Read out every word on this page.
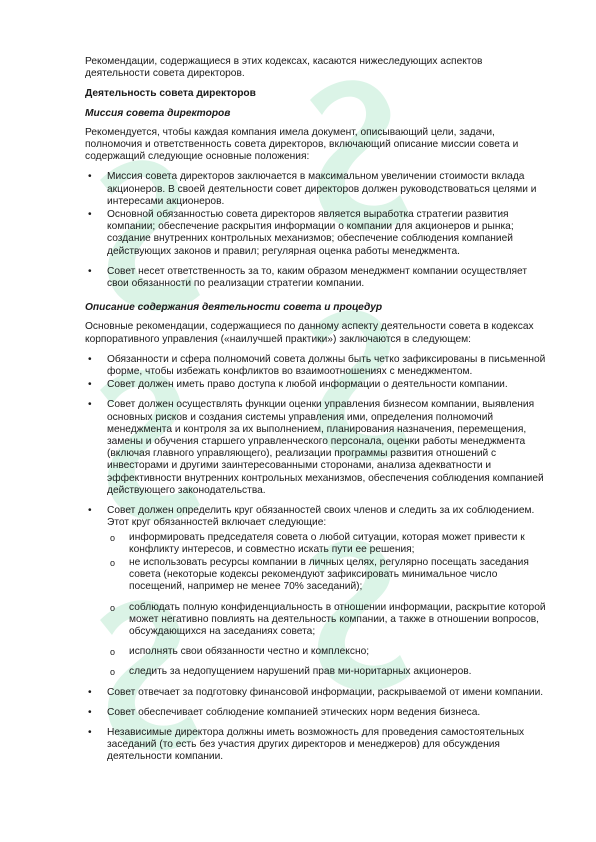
Рекомендации, содержащиеся в этих кодексах, касаются нижеследующих аспектов деятельности совета директоров.

Деятельность совета директоров

Миссия совета директоров

Рекомендуется, чтобы каждая компания имела документ, описывающий цели, задачи, полномочия и ответственность совета директоров, включающий описание миссии совета и содержащий следующие основные положения:

• Миссия совета директоров заключается в максимальном увеличении стоимости вклада акционеров. В своей деятельности совет директоров должен руководствоваться целями и интересами акционеров.
• Основной обязанностью совета директоров является выработка стратегии развития компании; обеспечение раскрытия информации о компании для акционеров и рынка; создание внутренних контрольных механизмов; обеспечение соблюдения компанией действующих законов и правил; регулярная оценка работы менеджмента.
• Совет несет ответственность за то, каким образом менеджмент компании осуществляет свои обязанности по реализации стратегии компании.

Описание содержания деятельности совета и процедур

Основные рекомендации, содержащиеся по данному аспекту деятельности совета в кодексах корпоративного управления («наилучшей практики») заключаются в следующем:

• Обязанности и сфера полномочий совета должны быть четко зафиксированы в письменной форме, чтобы избежать конфликтов во взаимоотношениях с менеджментом.
• Совет должен иметь право доступа к любой информации о деятельности компании.
• Совет должен осуществлять функции оценки управления бизнесом компании, выявления основных рисков и создания системы управления ими, определения полномочий менеджмента и контроля за их выполнением, планирования назначения, перемещения, замены и обучения старшего управленческого персонала, оценки работы менеджмента (включая главного управляющего), реализации программы развития отношений с инвесторами и другими заинтересованными сторонами, анализа адекватности и эффективности внутренних контрольных механизмов, обеспечения соблюдения компанией действующего законодательства.
• Совет должен определить круг обязанностей своих членов и следить за их соблюдением. Этот круг обязанностей включает следующие:
o информировать председателя совета о любой ситуации, которая может привести к конфликту интересов, и совместно искать пути ее решения;
o не использовать ресурсы компании в личных целях, регулярно посещать заседания совета (некоторые кодексы рекомендуют зафиксировать минимальное число посещений, например не менее 70% заседаний);
o соблюдать полную конфиденциальность в отношении информации, раскрытие которой может негативно повлиять на деятельность компании, а также в отношении вопросов, обсуждающихся на заседаниях совета;
o исполнять свои обязанности честно и комплексно;
o следить за недопущением нарушений прав ми-норитарных акционеров.
• Совет отвечает за подготовку финансовой информации, раскрываемой от имени компании.
• Совет обеспечивает соблюдение компанией этических норм ведения бизнеса.
• Независимые директора должны иметь возможность для проведения самостоятельных заседаний (то есть без участия других директоров и менеджеров) для обсуждения деятельности компании.
